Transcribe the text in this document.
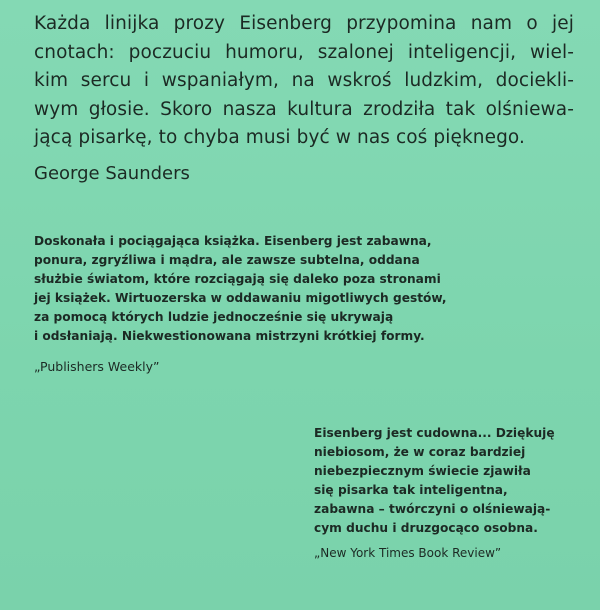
Każda linijka prozy Eisenberg przypomina nam o jej
cnotach: poczuciu humoru, szalonej inteligencji, wiel-
kim sercu i wspaniałym, na wskroś ludzkim, dociekli-
wym głosie. Skoro nasza kultura zrodziła tak olśniewa-
jącą pisarkę, to chyba musi być w nas coś pięknego.

George Saunders

Doskonała i pociągająca książka. Eisenberg jest zabawna,
ponura, zgryźliwa i mądra, ale zawsze subtelna, oddana
służbie światom, które rozciągają się daleko poza stronami
jej książek. Wirtuozerska w oddawaniu migotliwych gestów,
za pomocą których ludzie jednocześnie się ukrywają
i odsłaniają. Niekwestionowana mistrzyni krótkiej formy.

„Publishers Weekly”

Eisenberg jest cudowna... Dziękuję
niebiosom, że w coraz bardziej
niebezpiecznym świecie zjawiła
się pisarka tak inteligentna,
zabawna – twórczyni o olśniewają-
cym duchu i druzgocąco osobna.

„New York Times Book Review”
